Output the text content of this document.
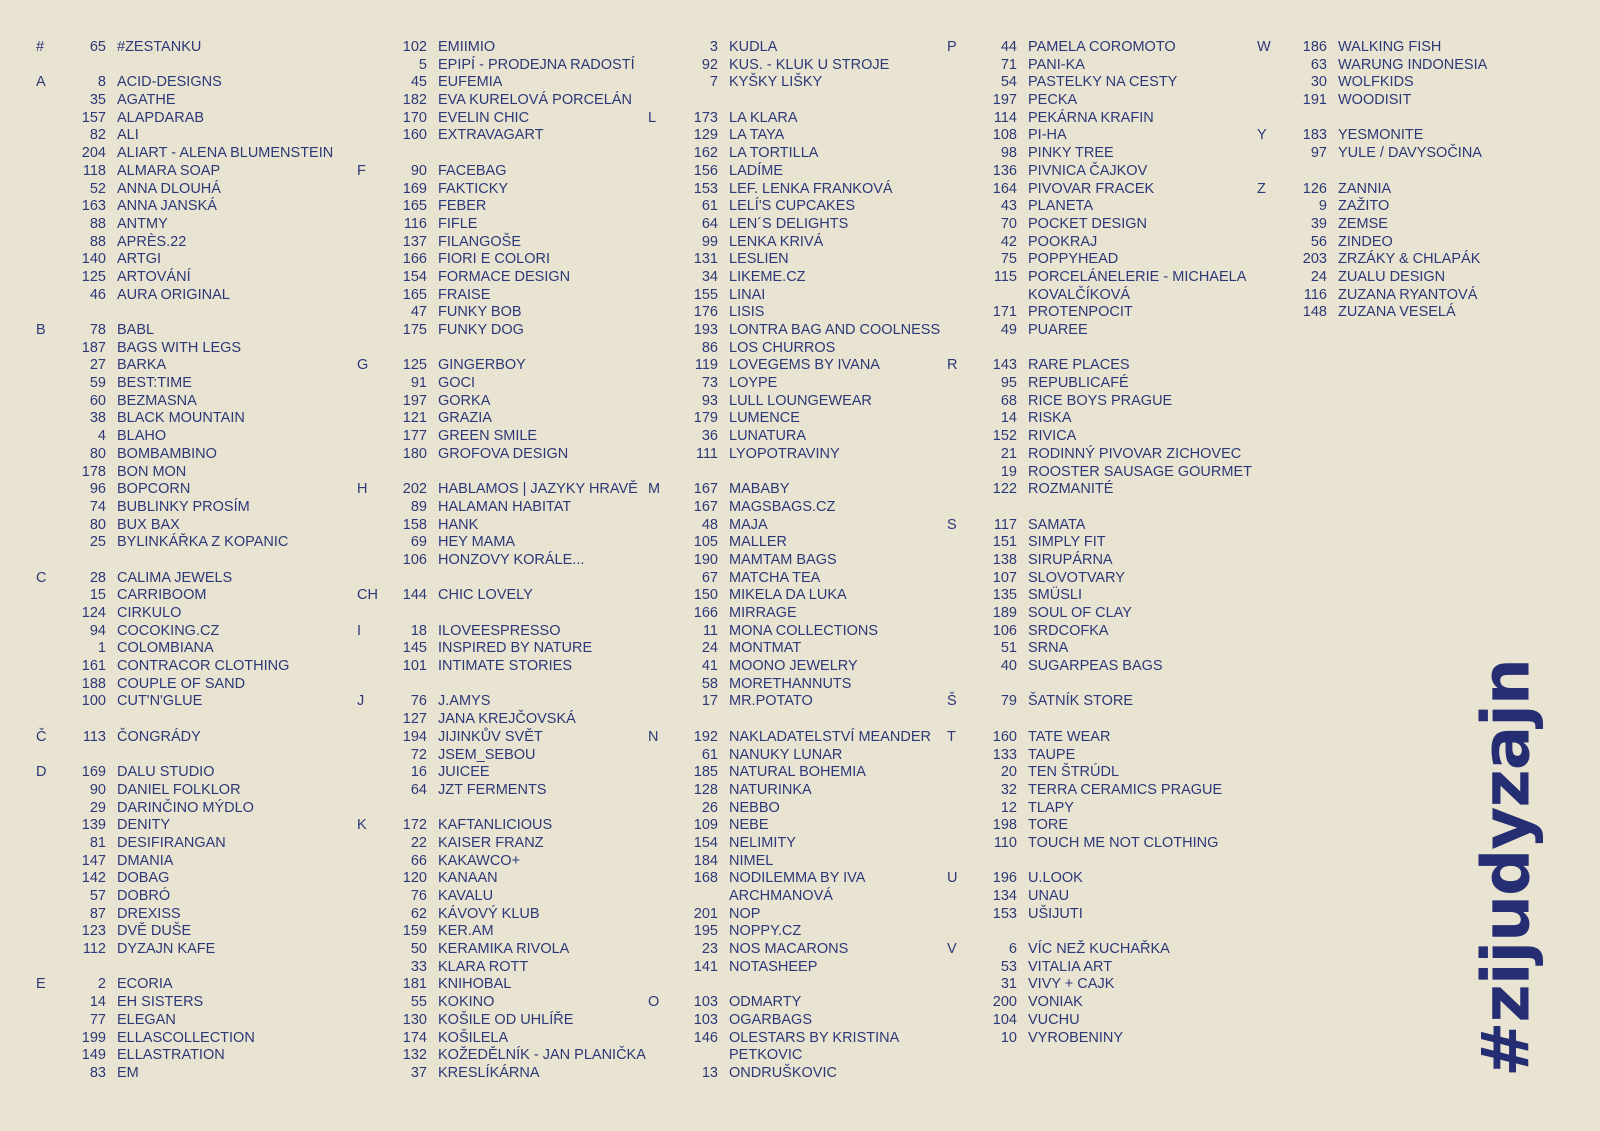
#	65 #ZESTANKU
A	8 ACID-DESIGNS
35 AGATHE
157 ALAPDARAB
82 ALI
204 ALIART - ALENA BLUMENSTEIN
118 ALMARA SOAP
52 ANNA DLOUHÁ
163 ANNA JANSKÁ
88 ANTMY
88 APRÈS.22
140 ARTGI
125 ARTOVÁNÍ
46 AURA ORIGINAL
B	78 BABL
187 BAGS WITH LEGS
27 BARKA
59 BEST:TIME
60 BEZMASNA
38 BLACK MOUNTAIN
4 BLAHO
80 BOMBAMBINO
178 BON MON
96 BOPCORN
74 BUBLINKY PROSÍM
80 BUX BAX
25 BYLINKÁŘKA Z KOPANIC
C	28 CALIMA JEWELS
15 CARRIBOOM
124 CIRKULO
94 COCOKING.CZ
1 COLOMBIANA
161 CONTRACOR CLOTHING
188 COUPLE OF SAND
100 CUT'N'GLUE
Č	113 ČONGRÁDY
D	169 DALU STUDIO
90 DANIEL FOLKLOR
29 DARINČINO MÝDLO
139 DENITY
81 DESIFIRANGAN
147 DMANIA
142 DOBAG
57 DOBRÓ
87 DREXISS
123 DVĚ DUŠE
112 DYZAJN KAFE
E	2 ECORIA
14 EH SISTERS
77 ELEGAN
199 ELLASCOLLECTION
149 ELLASTRATION
83 EM
102 EMIIMIO
5 EPIPÍ - PRODEJNA RADOSTÍ
45 EUFEMIA
182 EVA KURELOVÁ PORCELÁN
170 EVELIN CHIC
160 EXTRAVAGART
F	90 FACEBAG
169 FAKTICKY
165 FEBER
116 FIFLE
137 FILANGOŠE
166 FIORI E COLORI
154 FORMACE DESIGN
165 FRAISE
47 FUNKY BOB
175 FUNKY DOG
G	125 GINGERBOY
91 GOCI
197 GORKA
121 GRAZIA
177 GREEN SMILE
180 GROFOVA DESIGN
H	202 HABLAMOS | JAZYKY HRAVĚ
89 HALAMAN HABITAT
158 HANK
69 HEY MAMA
106 HONZOVY KORÁLE...
CH	144 CHIC LOVELY
I	18 ILOVEESPRESSO
145 INSPIRED BY NATURE
101 INTIMATE STORIES
J	76 J.AMYS
127 JANA KREJČOVSKÁ
194 JIJINKŮV SVĚT
72 JSEM_SEBOU
16 JUICEE
64 JZT FERMENTS
K	172 KAFTANLICIOUS
22 KAISER FRANZ
66 KAKAWCO+
120 KANAAN
76 KAVALU
62 KÁVOVÝ KLUB
159 KER.AM
50 KERAMIKA RIVOLA
33 KLARA ROTT
181 KNIHOBAL
55 KOKINO
130 KOŠILE OD UHLÍŘE
174 KOŠILELA
132 KOŽEDĚLNÍK - JAN PLANIČKA
37 KRESLÍKÁRNA
3 KUDLA
92 KUS. - KLUK U STROJE
7 KYŠKY LIŠKY
L	173 LA KLARA
129 LA TAYA
162 LA TORTILLA
156 LADÍME
153 LEF. LENKA FRANKOVÁ
61 LELÍ'S CUPCAKES
64 LEN´S DELIGHTS
99 LENKA KRIVÁ
131 LESLIEN
34 LIKEME.CZ
155 LINAI
176 LISIS
193 LONTRA BAG AND COOLNESS
86 LOS CHURROS
119 LOVEGEMS BY IVANA
73 LOYPE
93 LULL LOUNGEWEAR
179 LUMENCE
36 LUNATURA
111 LYOPOTRAVINY
M	167 MABABY
167 MAGSBAGS.CZ
48 MAJA
105 MALLER
190 MAMTAM BAGS
67 MATCHA TEA
150 MIKELA DA LUKA
166 MIRRAGE
11 MONA COLLECTIONS
24 MONTMAT
41 MOONO JEWELRY
58 MORETHANNUTS
17 MR.POTATO
N	192 NAKLADATELSTVÍ MEANDER
61 NANUKY LUNAR
185 NATURAL BOHEMIA
128 NATURINKA
26 NEBBO
109 NEBE
154 NELIMITY
184 NIMEL
168 NODILEMMA BY IVA
ARCHMANOVÁ
201 NOP
195 NOPPY.CZ
23 NOS MACARONS
141 NOTASHEEP
O	103 ODMARTY
103 OGARBAGS
146 OLESTARS BY KRISTINA
PETKOVIC
13 ONDRUŠKOVIC
P	44 PAMELA COROMOTO
71 PANI-KA
54 PASTELKY NA CESTY
197 PECKA
114 PEKÁRNA KRAFIN
108 PI-HA
98 PINKY TREE
136 PIVNICA ČAJKOV
164 PIVOVAR FRACEK
43 PLANETA
70 POCKET DESIGN
42 POOKRAJ
75 POPPYHEAD
115 PORCELÁNELERIE - MICHAELA
KOVALČÍKOVÁ
171 PROTENPOCIT
49 PUAREE
R	143 RARE PLACES
95 REPUBLICAFÉ
68 RICE BOYS PRAGUE
14 RISKA
152 RIVICA
21 RODINNÝ PIVOVAR ZICHOVEC
19 ROOSTER SAUSAGE GOURMET
122 ROZMANITÉ
S	117 SAMATA
151 SIMPLY FIT
138 SIRUPÁRNA
107 SLOVOTVARY
135 SMÜSLI
189 SOUL OF CLAY
106 SRDCOFKA
51 SRNA
40 SUGARPEAS BAGS
Š	79 ŠATNÍK STORE
T	160 TATE WEAR
133 TAUPE
20 TEN ŠTRÚDL
32 TERRA CERAMICS PRAGUE
12 TLAPY
198 TORE
110 TOUCH ME NOT CLOTHING
U	196 U.LOOK
134 UNAU
153 UŠIJUTI
V	6 VÍC NEŽ KUCHAŘKA
53 VITALIA ART
31 VIVY + CAJK
200 VONIAK
104 VUCHU
10 VYROBENINY
W	186 WALKING FISH
63 WARUNG INDONESIA
30 WOLFKIDS
191 WOODISIT
Y	183 YESMONITE
97 YULE / DAVYSOČINA
Z	126 ZANNIA
9 ZAŽITO
39 ZEMSE
56 ZINDEO
203 ZRZÁKY & CHLAPÁK
24 ZUALU DESIGN
116 ZUZANA RYANTOVÁ
148 ZUZANA VESELÁ
#zijudyzajn
